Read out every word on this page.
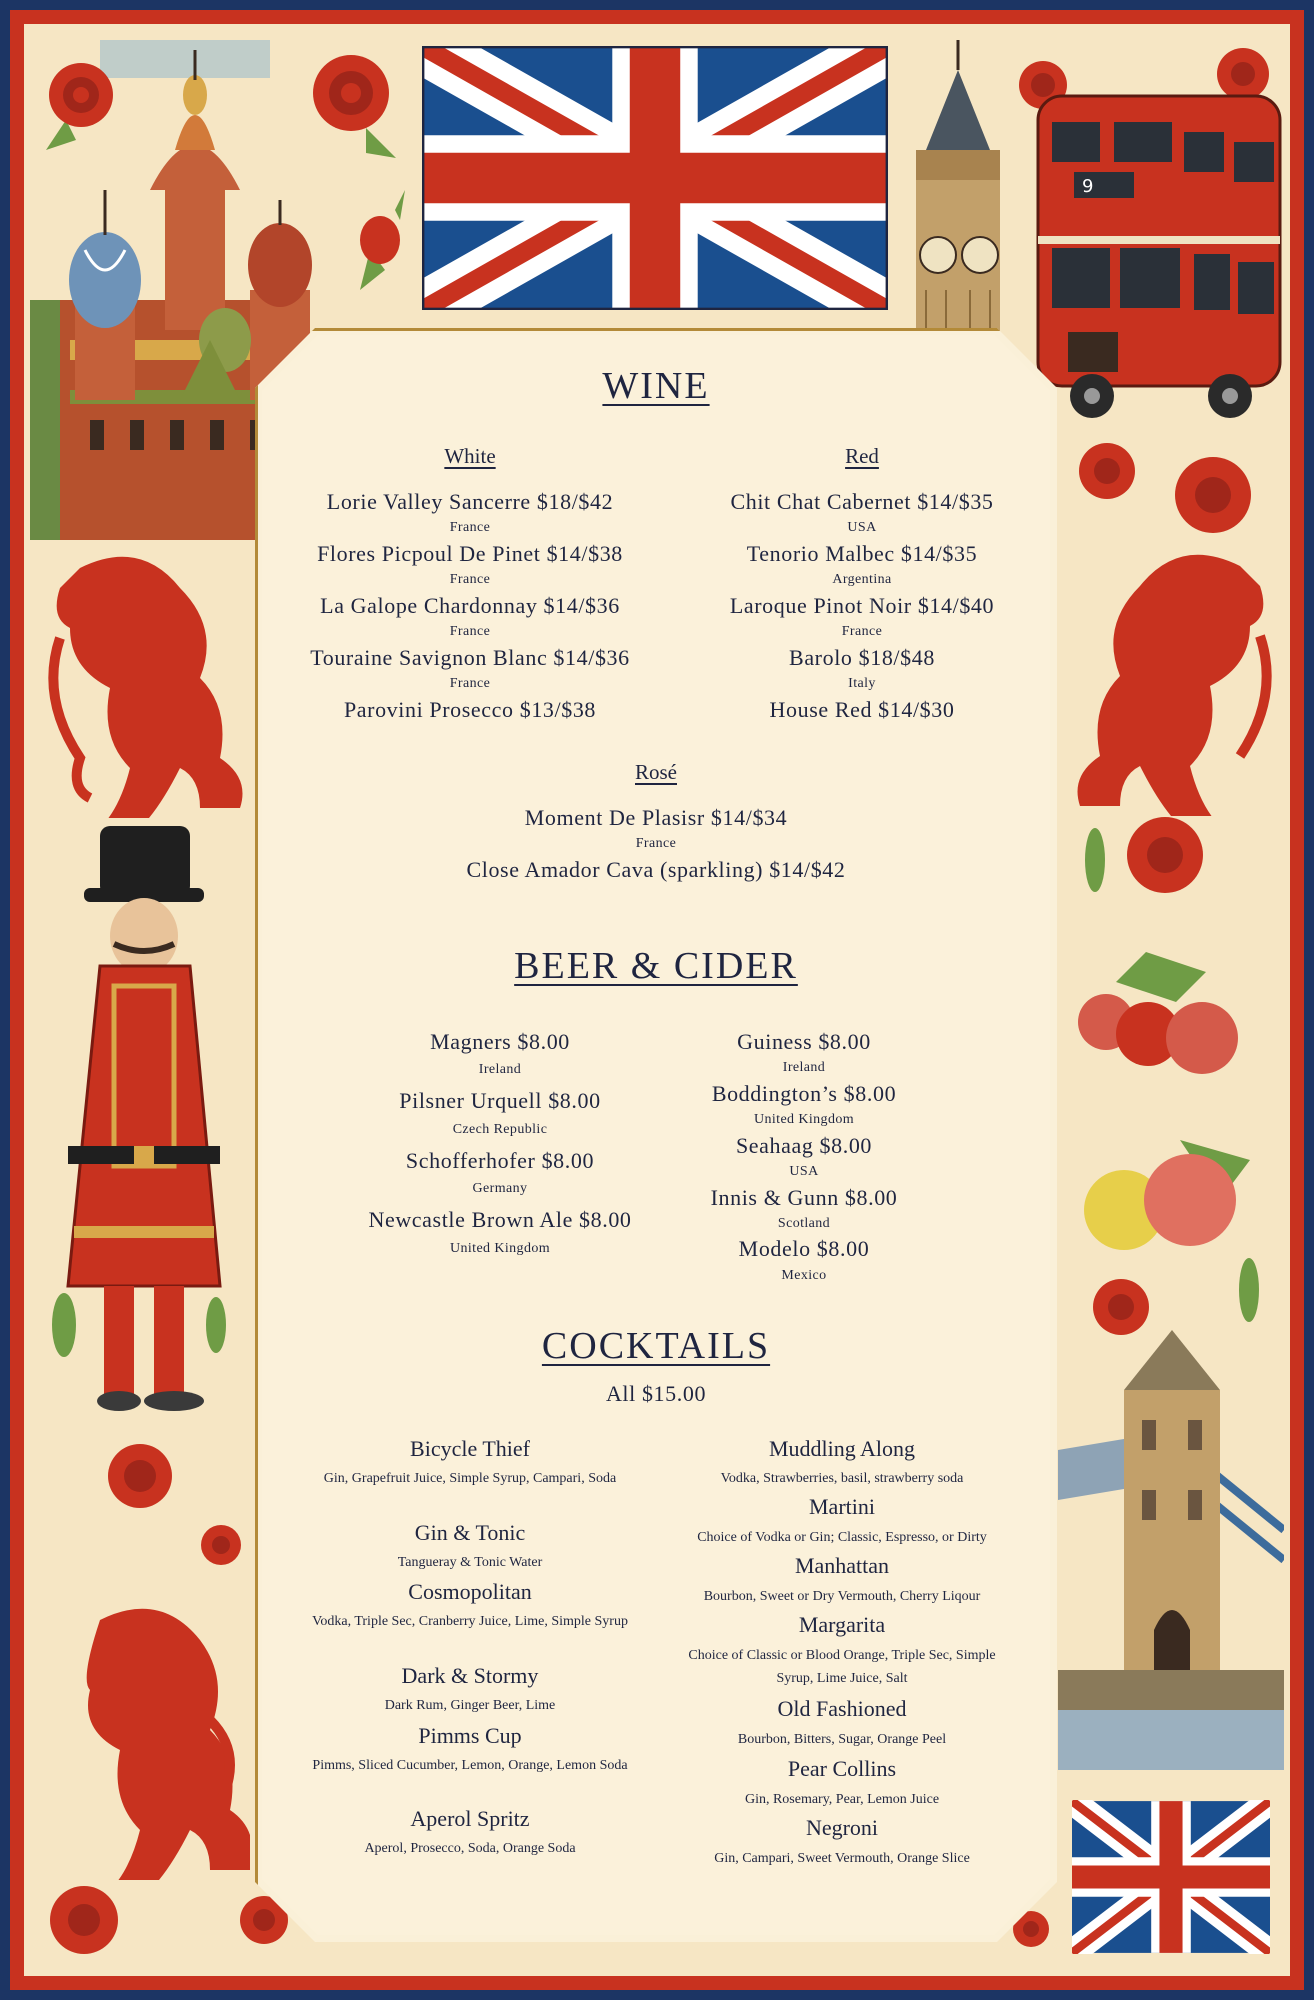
9
WINE
White	Red
Lorie Valley Sancerre $18/$42
France
Flores Picpoul De Pinet $14/$38
France
La Galope Chardonnay $14/$36
France
Touraine Savignon Blanc $14/$36
France
Parovini Prosecco $13/$38
Chit Chat Cabernet $14/$35
USA
Tenorio Malbec $14/$35
Argentina
Laroque Pinot Noir $14/$40
France
Barolo $18/$48
Italy
House Red $14/$30
Rosé
Moment De Plasisr $14/$34
France
Close Amador Cava (sparkling) $14/$42
BEER & CIDER
Magners $8.00
Ireland
Pilsner Urquell $8.00
Czech Republic
Schofferhofer $8.00
Germany
Newcastle Brown Ale $8.00
United Kingdom
Guiness $8.00
Ireland
Boddington’s $8.00
United Kingdom
Seahaag $8.00
USA
Innis & Gunn $8.00
Scotland
Modelo $8.00
Mexico
COCKTAILS
All $15.00
Bicycle Thief
Gin, Grapefruit Juice, Simple Syrup, Campari, Soda
Gin & Tonic
Tangueray & Tonic Water
Cosmopolitan
Vodka, Triple Sec, Cranberry Juice, Lime, Simple Syrup
Dark & Stormy
Dark Rum, Ginger Beer, Lime
Pimms Cup
Pimms, Sliced Cucumber, Lemon, Orange, Lemon Soda
Aperol Spritz
Aperol, Prosecco, Soda, Orange Soda
Muddling Along
Vodka, Strawberries, basil, strawberry soda
Martini
Choice of Vodka or Gin; Classic, Espresso, or Dirty
Manhattan
Bourbon, Sweet or Dry Vermouth, Cherry Liqour
Margarita
Choice of Classic or Blood Orange, Triple Sec, Simple Syrup, Lime Juice, Salt
Old Fashioned
Bourbon, Bitters, Sugar, Orange Peel
Pear Collins
Gin, Rosemary, Pear, Lemon Juice
Negroni
Gin, Campari, Sweet Vermouth, Orange Slice
